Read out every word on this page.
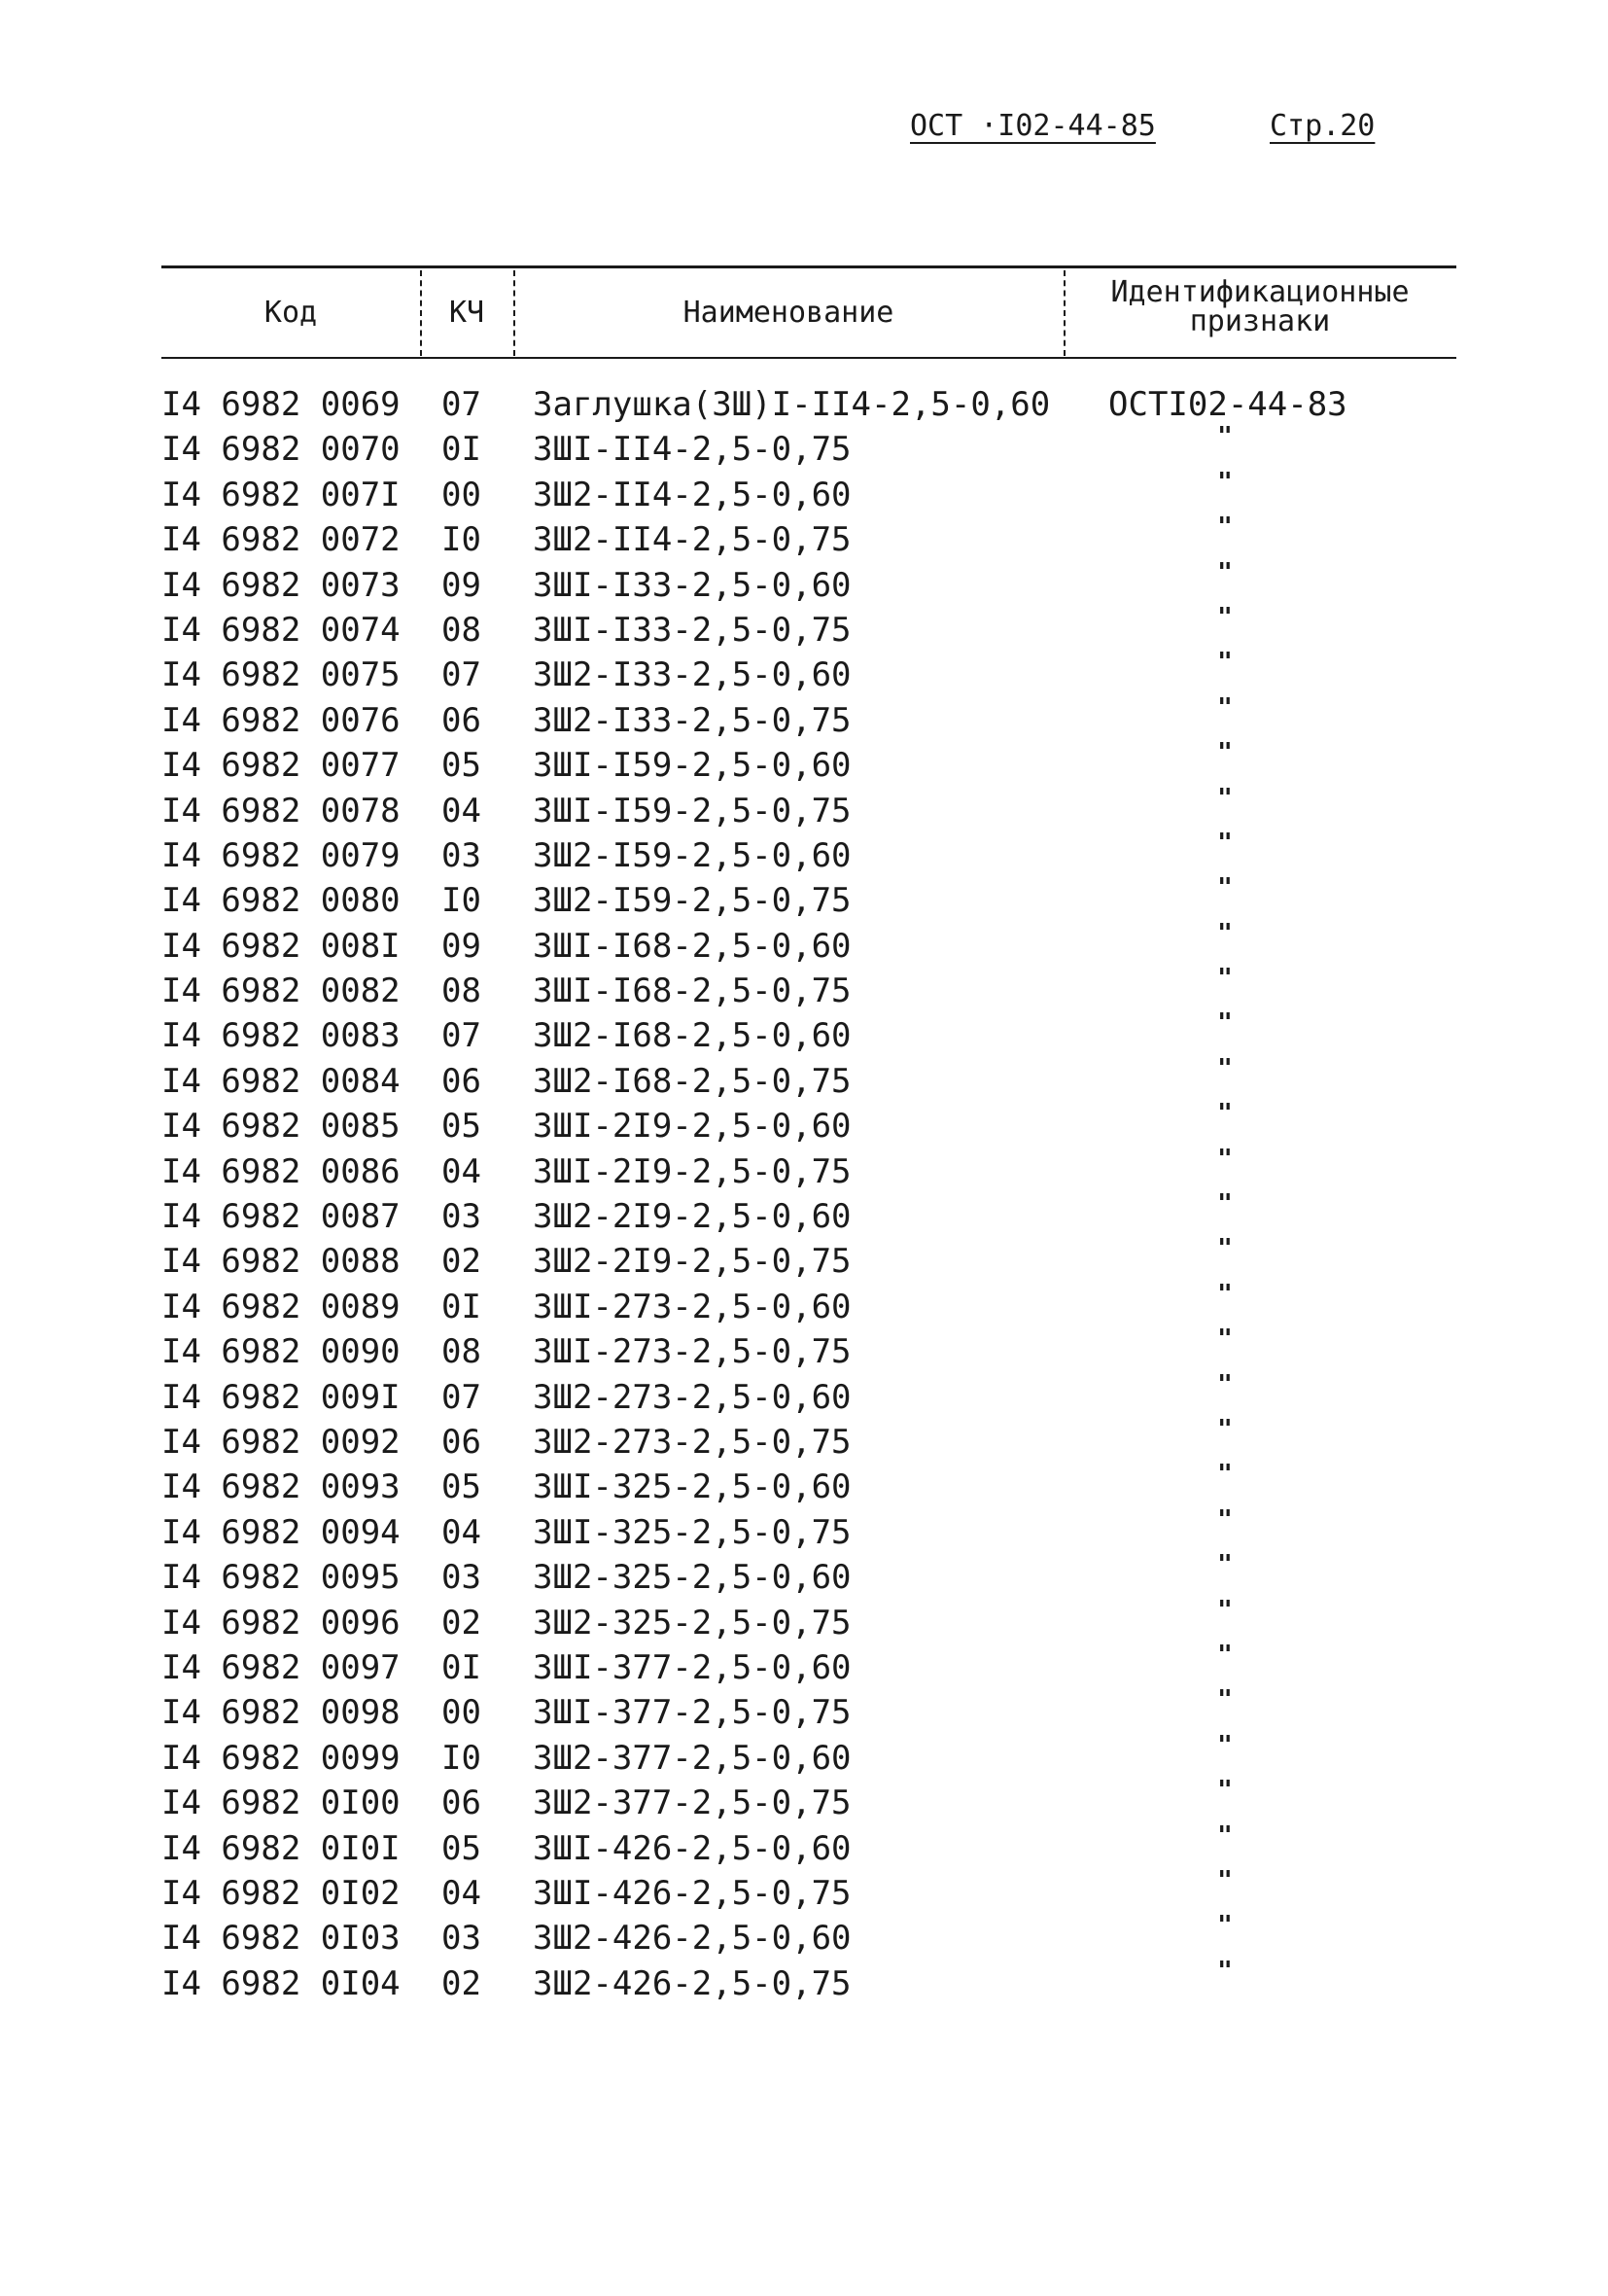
ОСТ ·I02-44-85	Стр.20
Код	КЧ	Наименование
Идентификационные
признаки
I4 6982 0069 07 Заглушка(ЗШ)I-II4-2,5-0,60 ОСТI02-44-83
I4 6982 0070 0I ЗШI-II4-2,5-0,75	"
I4 6982 007I 00 ЗШ2-II4-2,5-0,60	"
I4 6982 0072 I0 ЗШ2-II4-2,5-0,75	"
I4 6982 0073 09 ЗШI-I33-2,5-0,60	"
I4 6982 0074 08 ЗШI-I33-2,5-0,75	"
I4 6982 0075 07 ЗШ2-I33-2,5-0,60	"
I4 6982 0076 06 ЗШ2-I33-2,5-0,75	"
I4 6982 0077 05 ЗШI-I59-2,5-0,60	"
I4 6982 0078 04 ЗШI-I59-2,5-0,75	"
I4 6982 0079 03 ЗШ2-I59-2,5-0,60	"
I4 6982 0080 I0 ЗШ2-I59-2,5-0,75	"
I4 6982 008I 09 ЗШI-I68-2,5-0,60	"
I4 6982 0082 08 ЗШI-I68-2,5-0,75	"
I4 6982 0083 07 ЗШ2-I68-2,5-0,60	"
I4 6982 0084 06 ЗШ2-I68-2,5-0,75	"
I4 6982 0085 05 ЗШI-2I9-2,5-0,60	"
I4 6982 0086 04 ЗШI-2I9-2,5-0,75	"
I4 6982 0087 03 ЗШ2-2I9-2,5-0,60	"
I4 6982 0088 02 ЗШ2-2I9-2,5-0,75	"
I4 6982 0089 0I ЗШI-273-2,5-0,60	"
I4 6982 0090 08 ЗШI-273-2,5-0,75	"
I4 6982 009I 07 ЗШ2-273-2,5-0,60	"
I4 6982 0092 06 ЗШ2-273-2,5-0,75	"
I4 6982 0093 05 ЗШI-325-2,5-0,60	"
I4 6982 0094 04 ЗШI-325-2,5-0,75	"
I4 6982 0095 03 ЗШ2-325-2,5-0,60	"
I4 6982 0096 02 ЗШ2-325-2,5-0,75	"
I4 6982 0097 0I ЗШI-377-2,5-0,60	"
I4 6982 0098 00 ЗШI-377-2,5-0,75	"
I4 6982 0099 I0 ЗШ2-377-2,5-0,60	"
I4 6982 0I00 06 ЗШ2-377-2,5-0,75	"
I4 6982 0I0I 05 ЗШI-426-2,5-0,60	"
I4 6982 0I02 04 ЗШI-426-2,5-0,75	"
I4 6982 0I03 03 ЗШ2-426-2,5-0,60	"
I4 6982 0I04 02 ЗШ2-426-2,5-0,75	"
